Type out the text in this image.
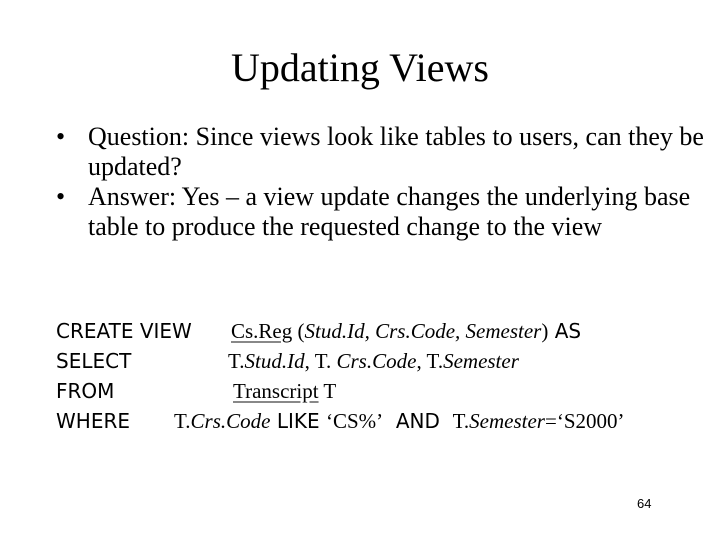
Updating Views

• Question: Since views look like tables to users, can they be updated?

• Answer: Yes – a view update changes the underlying base table to produce the requested change to the view

CREATE VIEW Cs.Reg (Stud.Id, Crs.Code, Semester) AS
SELECT	T.Stud.Id, T. Crs.Code, T.Semester
FROM	Transcript T
WHERE T.Crs.Code LIKE ‘CS%’  AND  T.Semester=‘S2000’
64
